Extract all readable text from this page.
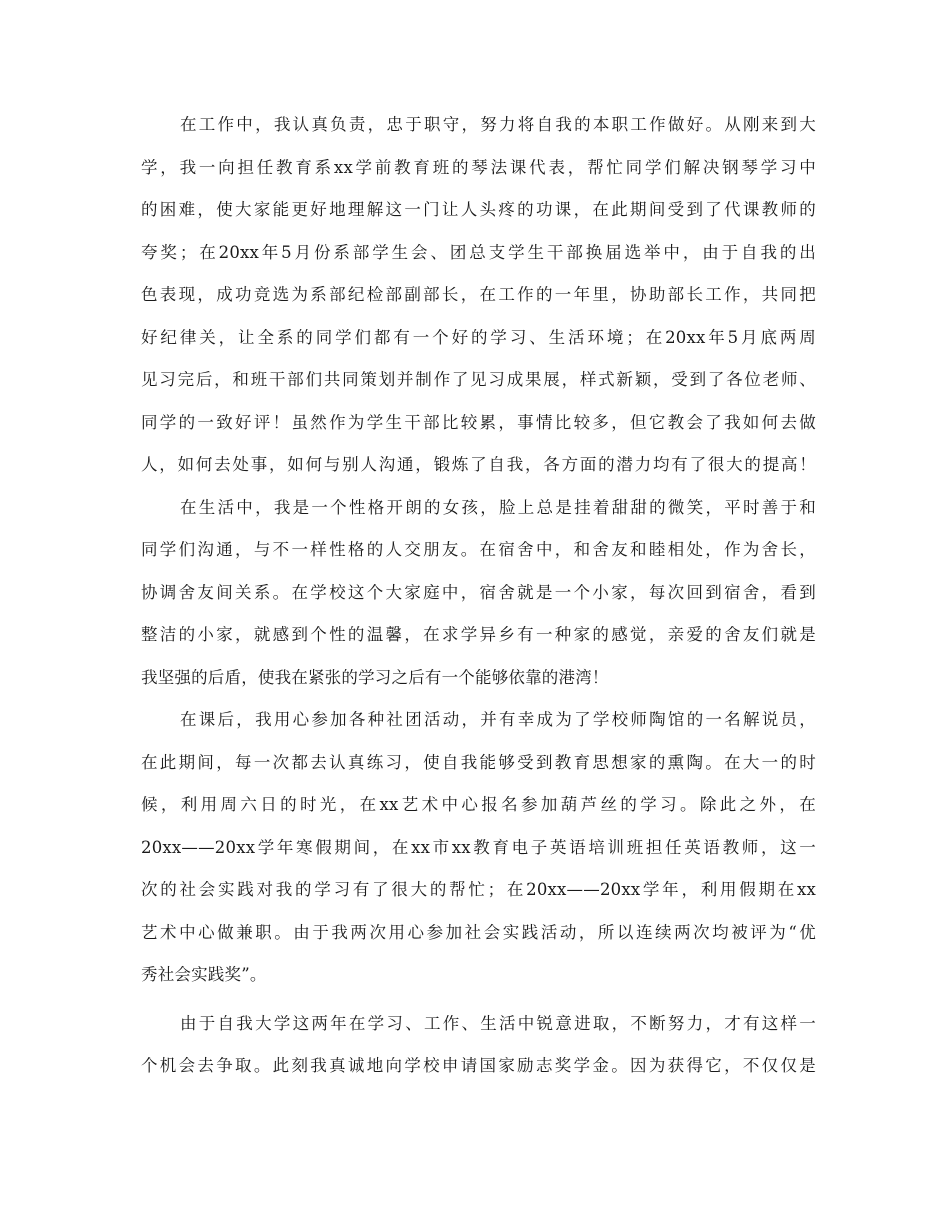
在工作中，我认真负责，忠于职守，努力将自我的本职工作做好。从刚来到大
学，我一向担任教育系xx学前教育班的琴法课代表，帮忙同学们解决钢琴学习中
的困难，使大家能更好地理解这一门让人头疼的功课，在此期间受到了代课教师的
夸奖；在20xx年5月份系部学生会、团总支学生干部换届选举中，由于自我的出
色表现，成功竞选为系部纪检部副部长，在工作的一年里，协助部长工作，共同把
好纪律关，让全系的同学们都有一个好的学习、生活环境；在20xx年5月底两周
见习完后，和班干部们共同策划并制作了见习成果展，样式新颖，受到了各位老师、
同学的一致好评！虽然作为学生干部比较累，事情比较多，但它教会了我如何去做
人，如何去处事，如何与别人沟通，锻炼了自我，各方面的潜力均有了很大的提高！
在生活中，我是一个性格开朗的女孩，脸上总是挂着甜甜的微笑，平时善于和
同学们沟通，与不一样性格的人交朋友。在宿舍中，和舍友和睦相处，作为舍长，
协调舍友间关系。在学校这个大家庭中，宿舍就是一个小家，每次回到宿舍，看到
整洁的小家，就感到个性的温馨，在求学异乡有一种家的感觉，亲爱的舍友们就是
我坚强的后盾，使我在紧张的学习之后有一个能够依靠的港湾！
在课后，我用心参加各种社团活动，并有幸成为了学校师陶馆的一名解说员，
在此期间，每一次都去认真练习，使自我能够受到教育思想家的熏陶。在大一的时
候，利用周六日的时光，在xx艺术中心报名参加葫芦丝的学习。除此之外，在
20xx——20xx学年寒假期间，在xx市xx教育电子英语培训班担任英语教师，这一
次的社会实践对我的学习有了很大的帮忙；在20xx——20xx学年，利用假期在xx
艺术中心做兼职。由于我两次用心参加社会实践活动，所以连续两次均被评为“优
秀社会实践奖”。
由于自我大学这两年在学习、工作、生活中锐意进取，不断努力，才有这样一
个机会去争取。此刻我真诚地向学校申请国家励志奖学金。因为获得它，不仅仅是
